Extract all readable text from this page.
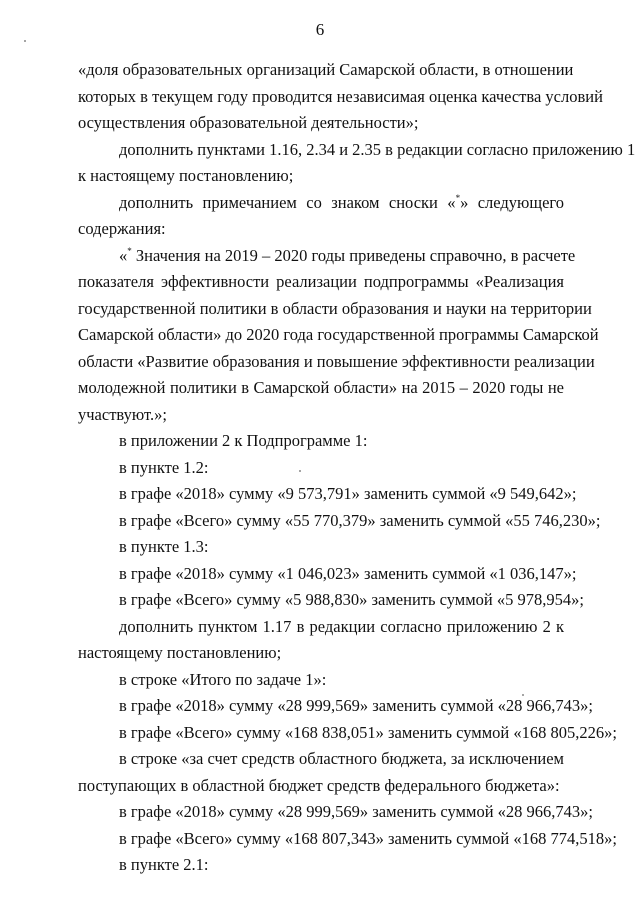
6
«доля образовательных организаций Самарской области, в отношении
которых в текущем году проводится независимая оценка качества условий
осуществления образовательной деятельности»;
дополнить пунктами 1.16, 2.34 и 2.35 в редакции согласно приложению 1
к настоящему постановлению;
дополнить примечанием со знаком сноски «*» следующего
содержания:
«* Значения на 2019 – 2020 годы приведены справочно, в расчете
показателя эффективности реализации подпрограммы «Реализация
государственной политики в области образования и науки на территории
Самарской области» до 2020 года государственной программы Самарской
области «Развитие образования и повышение эффективности реализации
молодежной политики в Самарской области» на 2015 – 2020 годы не
участвуют.»;
в приложении 2 к Подпрограмме 1:
в пункте 1.2:
в графе «2018» сумму «9 573,791» заменить суммой «9 549,642»;
в графе «Всего» сумму «55 770,379» заменить суммой «55 746,230»;
в пункте 1.3:
в графе «2018» сумму «1 046,023» заменить суммой «1 036,147»;
в графе «Всего» сумму «5 988,830» заменить суммой «5 978,954»;
дополнить пунктом 1.17 в редакции согласно приложению 2 к
настоящему постановлению;
в строке «Итого по задаче 1»:
в графе «2018» сумму «28 999,569» заменить суммой «28 966,743»;
в графе «Всего» сумму «168 838,051» заменить суммой «168 805,226»;
в строке «за счет средств областного бюджета, за исключением
поступающих в областной бюджет средств федерального бюджета»:
в графе «2018» сумму «28 999,569» заменить суммой «28 966,743»;
в графе «Всего» сумму «168 807,343» заменить суммой «168 774,518»;
в пункте 2.1:
